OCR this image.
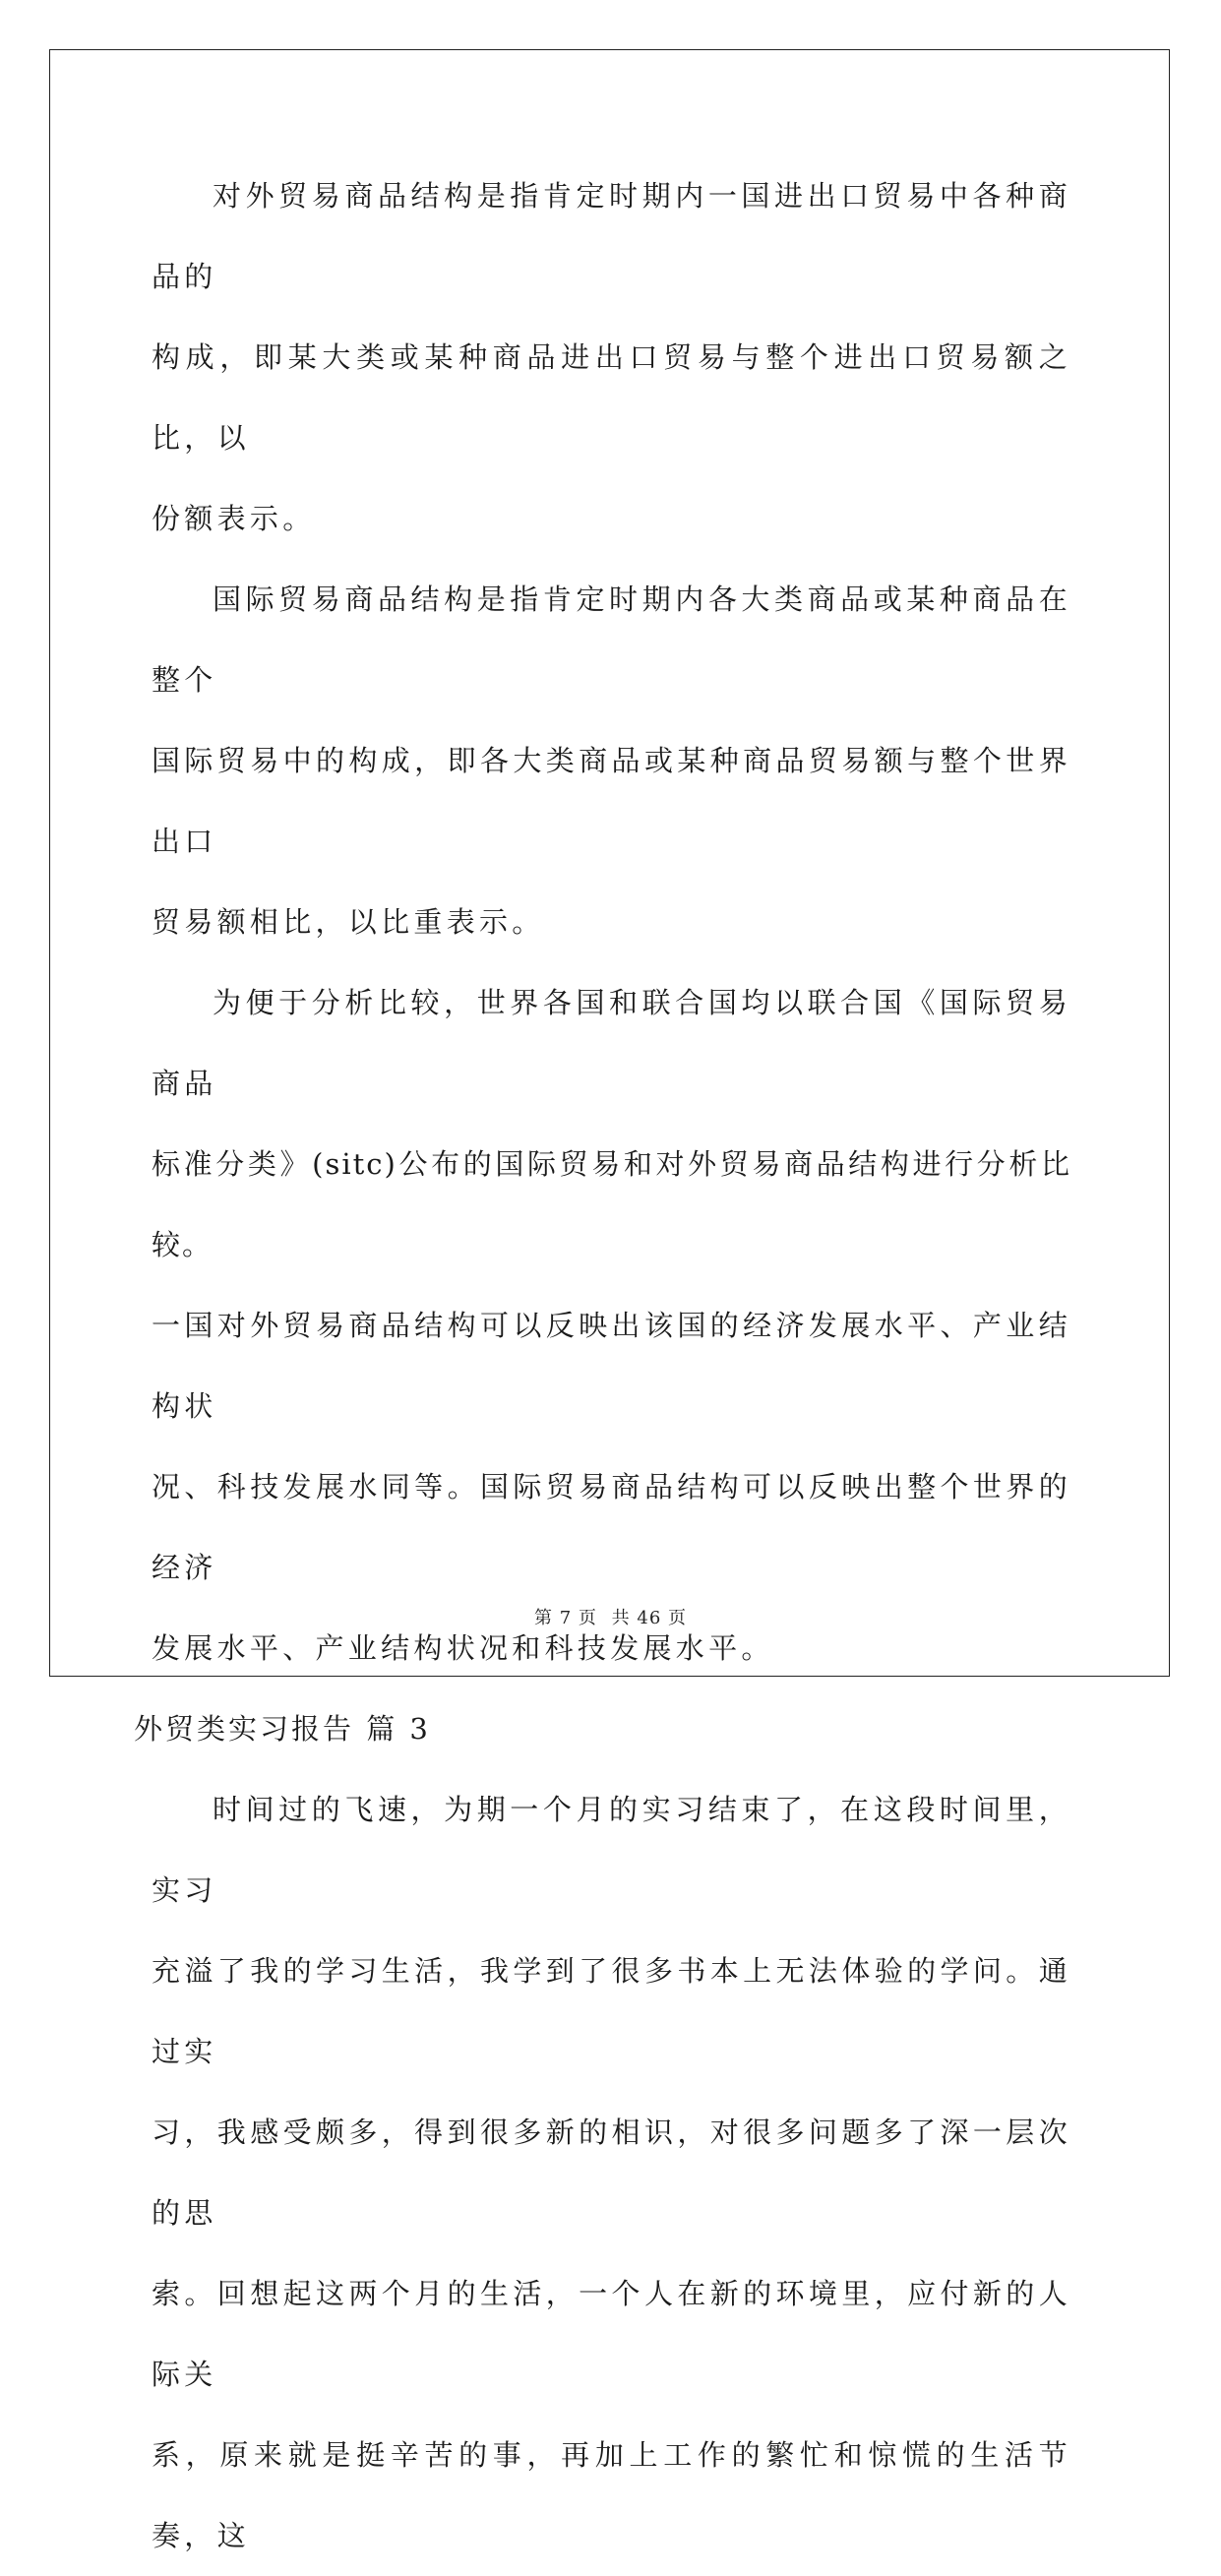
对外贸易商品结构是指肯定时期内一国进出口贸易中各种商品的

构成，即某大类或某种商品进出口贸易与整个进出口贸易额之比，以

份额表示。

国际贸易商品结构是指肯定时期内各大类商品或某种商品在整个

国际贸易中的构成，即各大类商品或某种商品贸易额与整个世界出口

贸易额相比，以比重表示。

为便于分析比较，世界各国和联合国均以联合国《国际贸易商品

标准分类》(sitc)公布的国际贸易和对外贸易商品结构进行分析比较。

一国对外贸易商品结构可以反映出该国的经济发展水平、产业结构状

况、科技发展水同等。国际贸易商品结构可以反映出整个世界的经济

发展水平、产业结构状况和科技发展水平。

外贸类实习报告 篇 3

时间过的飞速，为期一个月的实习结束了，在这段时间里，实习

充溢了我的学习生活，我学到了很多书本上无法体验的学问。通过实

习，我感受颇多，得到很多新的相识，对很多问题多了深一层次的思

索。回想起这两个月的生活，一个人在新的环境里，应付新的人际关

系，原来就是挺辛苦的事，再加上工作的繁忙和惊慌的生活节奏，这

第 7 页 共 46 页
